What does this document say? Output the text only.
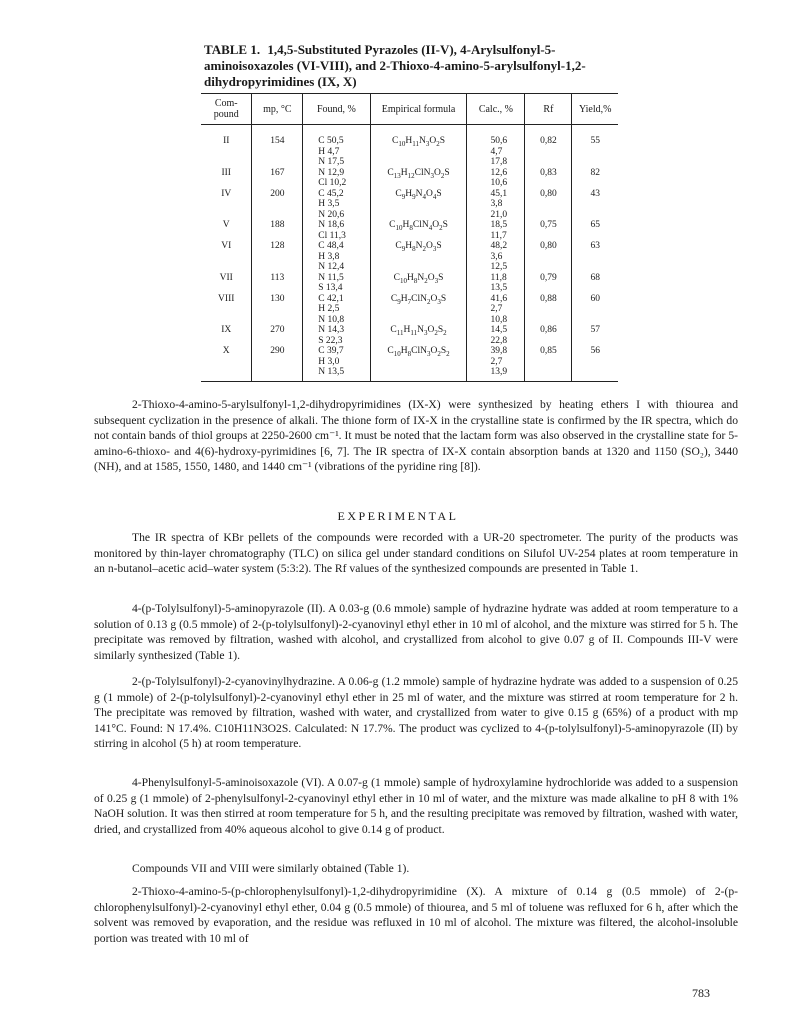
TABLE 1. 1,4,5-Substituted Pyrazoles (II-V), 4-Arylsulfonyl-5-aminoisoxazoles (VI-VIII), and 2-Thioxo-4-amino-5-arylsulfonyl-1,2-dihydropyrimidines (IX, X)
Com-pound	mp, °C	Found, %	Empirical formula	Calc., %	Rf	Yield,%
II	154	C 50,5
H 4,7
N 17,5	$C_{10}H_{11}N_3O_2S$	50,6
4,7
17,8	0,82	55
III	167	N 12,9
Cl 10,2	$C_{13}H_{12}ClN_3O_2S$	12,6
10,6	0,83	82
IV	200	C 45,2
H 3,5
N 20,6	$C_9H_9N_4O_4S$	45,1
3,8
21,0	0,80	43
V	188	N 18,6
Cl 11,3	$C_{10}H_8ClN_4O_2S$	18,5
11,7	0,75	65
VI	128	C 48,4
H 3,8
N 12,4	$C_9H_8N_2O_3S$	48,2
3,6
12,5	0,80	63
VII	113	N 11,5
S 13,4	$C_{10}H_8N_2O_3S$	11,8
13,5	0,79	68
VIII	130	C 42,1
H 2,5
N 10,8	$C_9H_7ClN_2O_3S$	41,6
2,7
10,8	0,88	60
IX	270	N 14,3
S 22,3	$C_{11}H_{11}N_3O_2S_2$	14,5
22,8	0,86	57
X	290	C 39,7
H 3,0
N 13,5	$C_{10}H_8ClN_3O_2S_2$	39,8
2,7
13,9	0,85	56

2-Thioxo-4-amino-5-arylsulfonyl-1,2-dihydropyrimidines (IX-X) were synthesized by heating ethers I with thiourea and subsequent cyclization in the presence of alkali. The thione form of IX-X in the crystalline state is confirmed by the IR spectra, which do not contain bands of thiol groups at 2250-2600 cm⁻¹. It must be noted that the lactam form was also observed in the crystalline state for 5-amino-6-thioxo- and 4(6)-hydroxy-pyrimidines [6, 7]. The IR spectra of IX-X contain absorption bands at 1320 and 1150 (SO₂), 3440 (NH), and at 1585, 1550, 1480, and 1440 cm⁻¹ (vibrations of the pyridine ring [8]).

EXPERIMENTAL

The IR spectra of KBr pellets of the compounds were recorded with a UR-20 spectrometer. The purity of the products was monitored by thin-layer chromatography (TLC) on silica gel under standard conditions on Silufol UV-254 plates at room temperature in an n-butanol–acetic acid–water system (5:3:2). The Rf values of the synthesized compounds are presented in Table 1.

4-(p-Tolylsulfonyl)-5-aminopyrazole (II). A 0.03-g (0.6 mmole) sample of hydrazine hydrate was added at room temperature to a solution of 0.13 g (0.5 mmole) of 2-(p-tolylsulfonyl)-2-cyanovinyl ethyl ether in 10 ml of alcohol, and the mixture was stirred for 5 h. The precipitate was removed by filtration, washed with alcohol, and crystallized from alcohol to give 0.07 g of II. Compounds III-V were similarly synthesized (Table 1).

2-(p-Tolylsulfonyl)-2-cyanovinylhydrazine. A 0.06-g (1.2 mmole) sample of hydrazine hydrate was added to a suspension of 0.25 g (1 mmole) of 2-(p-tolylsulfonyl)-2-cyanovinyl ethyl ether in 25 ml of water, and the mixture was stirred at room temperature for 2 h. The precipitate was removed by filtration, washed with water, and crystallized from water to give 0.15 g (65%) of a product with mp 141°C. Found: N 17.4%. C10H11N3O2S. Calculated: N 17.7%. The product was cyclized to 4-(p-tolylsulfonyl)-5-aminopyrazole (II) by stirring in alcohol (5 h) at room temperature.

4-Phenylsulfonyl-5-aminoisoxazole (VI). A 0.07-g (1 mmole) sample of hydroxylamine hydrochloride was added to a suspension of 0.25 g (1 mmole) of 2-phenylsulfonyl-2-cyanovinyl ethyl ether in 10 ml of water, and the mixture was made alkaline to pH 8 with 1% NaOH solution. It was then stirred at room temperature for 5 h, and the resulting precipitate was removed by filtration, washed with water, dried, and crystallized from 40% aqueous alcohol to give 0.14 g of product.

Compounds VII and VIII were similarly obtained (Table 1).

2-Thioxo-4-amino-5-(p-chlorophenylsulfonyl)-1,2-dihydropyrimidine (X). A mixture of 0.14 g (0.5 mmole) of 2-(p-chlorophenylsulfonyl)-2-cyanovinyl ethyl ether, 0.04 g (0.5 mmole) of thiourea, and 5 ml of toluene was refluxed for 6 h, after which the solvent was removed by evaporation, and the residue was refluxed in 10 ml of alcohol. The mixture was filtered, the alcohol-insoluble portion was treated with 10 ml of

783
